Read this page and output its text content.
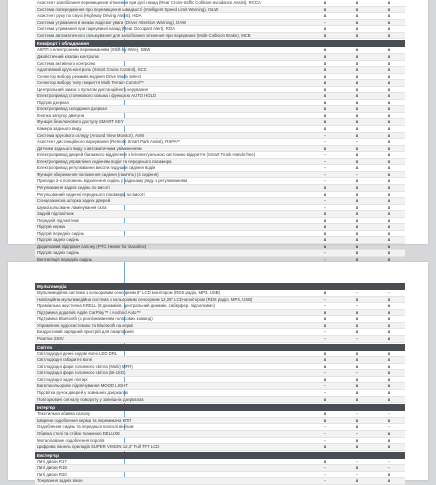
Асистент запобігання перевищення зіткнення при русі назад (Rear Cross-traffic Collision-avoidance Assist), RCCA	x	x	x
Система попередження про перевищення швидкості (Intelligent Speed Limit Warning), ISLW	x	x	x
Асистент руху по смузі (Highway Driving Assist), HDA	x	x	x
Система утримання в межах водієвої уваги (Driver Attention Warning), DAW	-	x	x
Система утримання при паркуванні назад (Rear Occupant Alert), ROA	x	x	x
Система автоматичного гальмування для запобігання зіткнення при паркуванні (Multi-Collision Brake), MCB	x	x	x
Комфорт і обладнання
АКПП з електронним перемиканням (Shift-by-Wire), SBW	x	x	x
Джойстичний клапан контролю	x	x	x
Система активного контролю	x	x	x
Адаптивний круїз-контроль (Smart Cruise Control), SCC	x	x	x
Селектор вибору режимів водіння Drive Mode Select	x	x	x
Селектор вибору типу покриття Multi Terrain Control™	x	x	x
Центральний замок з пультом дистанційного керування	x	x	x
Електропривод стоянкового гальма і функцією AUTO HOLD	x	x	x
Підігрів дзеркал	x	x	x
Електропривод складання дзеркал	x	x	x
Кнопка запуску двигуна	x	x	x
Функція безключового доступу SMART KEY	x	x	x
Камера заднього виду	x	x	x
Система кругового огляду (Around View Monitor), AVM	-	x	x
Асистент дистанційного паркування (Remote Smart Park Assist), RSPA**	-	-	x
Датчики заднього виду з автоматичним увімкненням	x	x	x
Електропривод дверей багажного відділення з інтелектуальною системою відкриття (Smart Trunk Hands-free)	-	x	x
Електропривод управління сидінням водія та переднього пасажира	-	x	x
Електропривод регулювання висоти подушки сидіння водія	-	x	x
Функція збереження положення сидіння (пам'ять) (4 сидіння)	-	-	x
Прилади 2-х положень відхилення сидінь у задньому ряду з регулюванням	-	x	x
Регулювання задніх сидінь по висоті	x	x	x
Регульований сиденні переднього пасажира по висоті	x	x	x
Сонцезахисна шторка задніх дверей	-	x	x
Шумоізольоване ламінування скла	-	x	x
Задній підлокітник	x	x	x
Передній підлокітник	x	x	x
Підігрів керма	x	x	x
Підігрів передніх сидінь	x	x	x
Підігрів задніх сидінь	x	x	x
Додатковий підігрівач салону (PTC Heater for Gasoline)	x	x	x
Підігрів задніх сидінь	-	x	x
Вентиляція передніх сидінь	-	x	x
Мультимедіа
Мультимедійна система з кольоровим сенсорним 8" LCD монітором (RDS радіо, MP3, USB)	x	-	-
Навігаційна мультимедійна система з кольоровим сенсорним 12,25" LCD-монітором (RDS радіо, MP3, USB)	-	x	x
Преміальна акустична KRELL (8 динаміків, центральний динамік, сабвуфер, підсилювач)	-	-	x
Підтримка додатків Apple CarPlay™ і Android Auto™	x	x	x
Підтримка Bluetooth (з розпізнаванням голосових команд)	x	x	x
Управління аудіосистемою та Bluetooth на кермі	x	x	x
Бездротовий зарядний пристрій для смартфонів	-	x	x
Розетка 230V	-	-	x
Світло
Світлодіодні денні ходові вогні LED DRL	x	x	x
Світлодіодні габаритні вогні	x	x	x
Світлодіодні фари головного світла (Multi) MFR)	x	x	x
Світлодіодні фари головного світла (Bi-LED)	-	-	x
Світлодіодні задні ліхтарі	x	x	x
Багатокольорове підсвічування MOOD LIGHT	-	x	x
Підсвітка ручок дверей у зовнішніх дзеркалах	-	x	x
Повторювачі сигналу повороту у зовнішніх дзеркалах	x	x	x
Інтер'єр
Текстильна обивка салону	x	-	-
Шкіряне оздоблення керма та перемикача КПП	x	x	x
Оздоблення сидінь та передньої консолі вінілом	-	x	-
Обивка стелі та стійок тканиною DELUXE	-	-	x
Металізоване оздоблення порогів	-	x	x
Цифрова панель приладів SUPER VISION 12,3" Full TFT LCD	x	x	x
Екстер'єр
Литі диски R17	x	-	-
Литі диски R18	-	x	-
Литі диски R20	-	-	x
Тонування задніх вікон	-	x	x
